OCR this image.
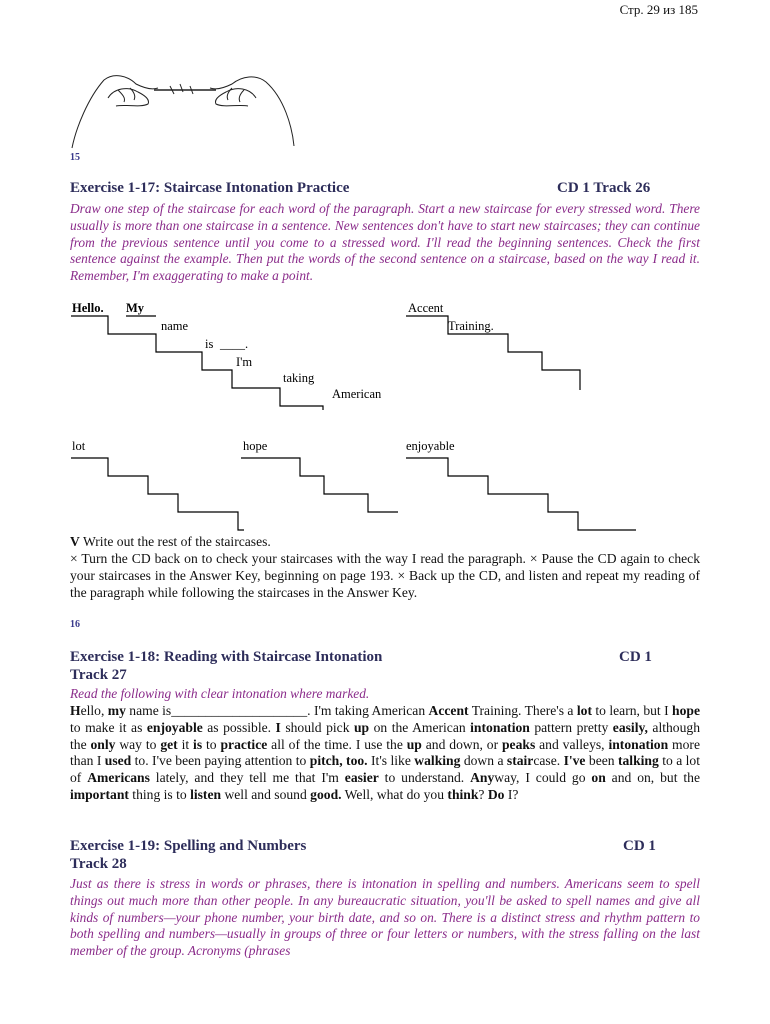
Стр. 29 из 185
15
Exercise 1-17: Staircase Intonation Practice	CD 1 Track 26
Draw one step of the staircase for each word of the paragraph. Start a new staircase for every stressed word. There usually is more than one staircase in a sentence. New sentences don't have to start new staircases; they can continue from the previous sentence until you come to a stressed word. I'll read the beginning sentences. Check the first sentence against the example. Then put the words of the second sentence on a staircase, based on the way I read it. Remember, I'm exaggerating to make a point.
Hello. My
name
is ____.
I'm
taking
American
Accent
Training.
lot	hope	enjoyable
V Write out the rest of the staircases.
× Turn the CD back on to check your staircases with the way I read the paragraph. × Pause the CD again to check your staircases in the Answer Key, beginning on page 193. × Back up the CD, and listen and repeat my reading of the paragraph while following the staircases in the Answer Key.
16
Exercise 1-18: Reading with Staircase Intonation	CD 1
Track 27
Read the following with clear intonation where marked.
Hello, my name is____________________. I'm taking American Accent Training. There's a lot to learn, but I hope to make it as enjoyable as possible. I should pick up on the American intonation pattern pretty easily, although the only way to get it is to practice all of the time. I use the up and down, or peaks and valleys, intonation more than I used to. I've been paying attention to pitch, too. It's like walking down a staircase. I've been talking to a lot of Americans lately, and they tell me that I'm easier to understand. Anyway, I could go on and on, but the important thing is to listen well and sound good. Well, what do you think? Do I?
Exercise 1-19: Spelling and Numbers	CD 1
Track 28
Just as there is stress in words or phrases, there is intonation in spelling and numbers. Americans seem to spell things out much more than other people. In any bureaucratic situation, you'll be asked to spell names and give all kinds of numbers—your phone number, your birth date, and so on. There is a distinct stress and rhythm pattern to both spelling and numbers—usually in groups of three or four letters or numbers, with the stress falling on the last member of the group. Acronyms (phrases
